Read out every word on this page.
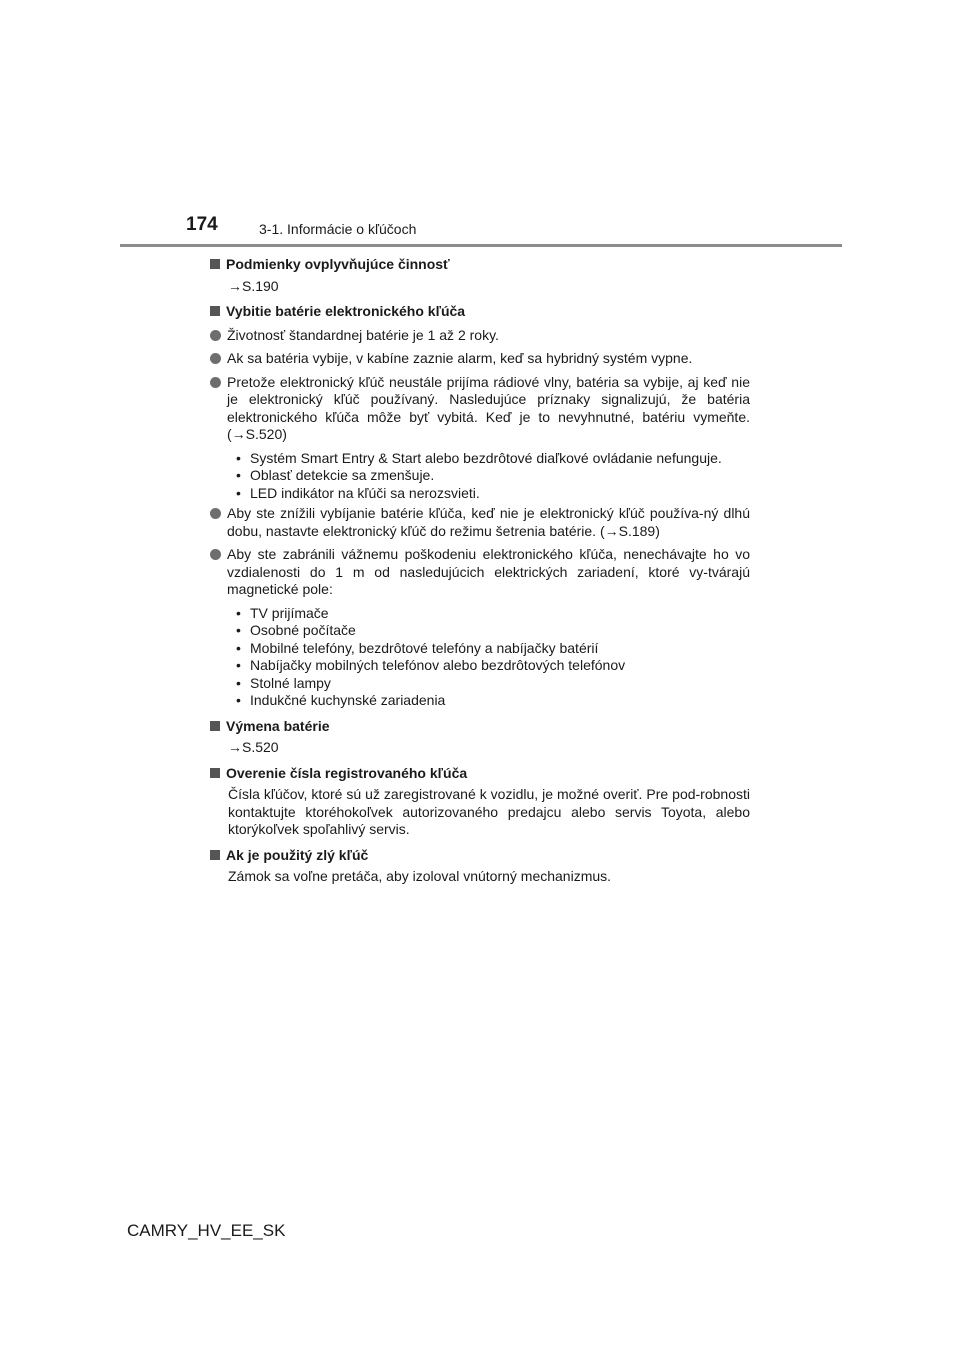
174	3-1. Informácie o kľúčoch
Podmienky ovplyvňujúce činnosť
→S.190
Vybitie batérie elektronického kľúča
Životnosť štandardnej batérie je 1 až 2 roky.
Ak sa batéria vybije, v kabíne zaznie alarm, keď sa hybridný systém vypne.
Pretože elektronický kľúč neustále prijíma rádiové vlny, batéria sa vybije, aj keď nie je elektronický kľúč používaný. Nasledujúce príznaky signalizujú, že batéria elektronického kľúča môže byť vybitá. Keď je to nevyhnutné, batériu vymeňte. (→S.520)
• Systém Smart Entry & Start alebo bezdrôtové diaľkové ovládanie nefunguje.
• Oblasť detekcie sa zmenšuje.
• LED indikátor na kľúči sa nerozsvieti.
Aby ste znížili vybíjanie batérie kľúča, keď nie je elektronický kľúč používa-ný dlhú dobu, nastavte elektronický kľúč do režimu šetrenia batérie. (→S.189)
Aby ste zabránili vážnemu poškodeniu elektronického kľúča, nenechávajte ho vo vzdialenosti do 1 m od nasledujúcich elektrických zariadení, ktoré vy-tvárajú magnetické pole:
• TV prijímače
• Osobné počítače
• Mobilné telefóny, bezdrôtové telefóny a nabíjačky batérií
• Nabíjačky mobilných telefónov alebo bezdrôtových telefónov
• Stolné lampy
• Indukčné kuchynské zariadenia
Výmena batérie
→S.520
Overenie čísla registrovaného kľúča
Čísla kľúčov, ktoré sú už zaregistrované k vozidlu, je možné overiť. Pre pod-robnosti kontaktujte ktoréhokoľvek autorizovaného predajcu alebo servis Toyota, alebo ktorýkoľvek spoľahlivý servis.
Ak je použitý zlý kľúč
Zámok sa voľne pretáča, aby izoloval vnútorný mechanizmus.
CAMRY_HV_EE_SK
